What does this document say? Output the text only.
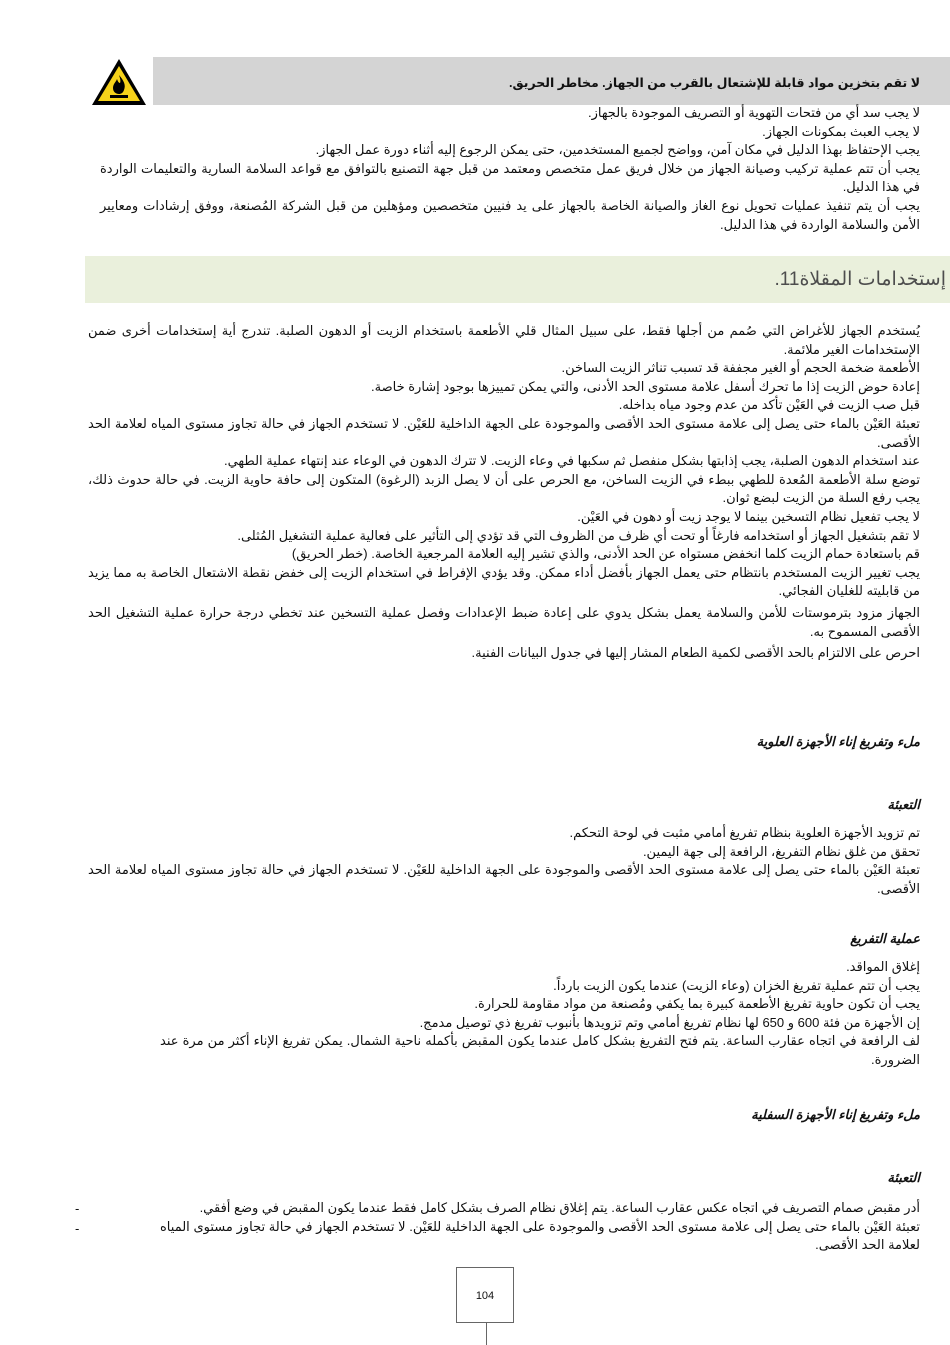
لا تقم بتخزين مواد قابلة للإشتعال بالقرب من الجهاز. مخاطر الحريق.

لا يجب سد أي من فتحات التهوية أو التصريف الموجودة بالجهاز.

لا يجب العبث بمكونات الجهاز.

يجب الإحتفاظ بهذا الدليل في مكان آمن، وواضح لجميع المستخدمين، حتى يمكن الرجوع إليه أثناء دورة عمل الجهاز.

يجب أن تتم عملية تركيب وصيانة الجهاز من خلال فريق عمل متخصص ومعتمد من قبل جهة التصنيع بالتوافق مع قواعد السلامة السارية والتعليمات الواردة في هذا الدليل.

يجب أن يتم تنفيذ عمليات تحويل نوع الغاز والصيانة الخاصة بالجهاز على يد فنيين متخصصين ومؤهلين من قبل الشركة المُصنعة، ووفق إرشادات ومعايير الأمن والسلامة الواردة في هذا الدليل.

إستخدامات المقلاة11.

يُستخدم الجهاز للأغراض التي صُمم من أجلها فقط، على سبيل المثال قلي الأطعمة باستخدام الزيت أو الدهون الصلبة. تندرج أية إستخدامات أخرى ضمن الإستخدامات الغير ملائمة.

الأطعمة ضخمة الحجم أو الغير مجففة قد تسبب تناثر الزيت الساخن.

إعادة حوض الزيت إذا ما تحرك أسفل علامة مستوى الحد الأدنى، والتي يمكن تمييزها بوجود إشارة خاصة.

قبل صب الزيت في العَيْن تأكد من عدم وجود مياه بداخله.

تعبئة العَيْن بالماء حتى يصل إلى علامة مستوى الحد الأقصى والموجودة على الجهة الداخلية للعَيْن. لا تستخدم الجهاز في حالة تجاوز مستوى المياه لعلامة الحد الأقصى.

عند استخدام الدهون الصلبة، يجب إذابتها بشكل منفصل ثم سكبها في وعاء الزيت. لا تترك الدهون في الوعاء عند إنتهاء عملية الطهي.

توضع سلة الأطعمة المُعدة للطهي ببطء في الزيت الساخن، مع الحرص على أن لا يصل الزبد (الرغوة) المتكون إلى حافة حاوية الزيت. في حالة حدوث ذلك، يجب رفع السلة من الزيت لبضع ثوان.

لا يجب تفعيل نظام التسخين بينما لا يوجد زيت أو دهون في العَيْن.

لا تقم بتشغيل الجهاز أو استخدامه فارغاً أو تحت أي ظرف من الظروف التي قد تؤدي إلى التأثير على فعالية عملية التشغيل المُثلى.

قم باستعادة حمام الزيت كلما انخفض مستواه عن الحد الأدنى، والذي تشير إليه العلامة المرجعية الخاصة. (خطر الحريق)

يجب تغيير الزيت المستخدم بانتظام حتى يعمل الجهاز بأفضل أداء ممكن. وقد يؤدي الإفراط في استخدام الزيت إلى خفض نقطة الاشتعال الخاصة به مما يزيد من قابليته للغليان الفجائي.

الجهاز مزود بترموستات للأمن والسلامة يعمل بشكل يدوي على إعادة ضبط الإعدادات وفصل عملية التسخين عند تخطي درجة حرارة عملية التشغيل الحد الأقصى المسموح به.

احرص على الالتزام بالحد الأقصى لكمية الطعام المشار إليها في جدول البيانات الفنية.

ملء وتفريغ إناء الأجهزة العلوية
التعبئة

تم تزويد الأجهزة العلوية بنظام تفريغ أمامي مثبت في لوحة التحكم.

تحقق من غلق نظام التفريغ، الرافعة إلى جهة اليمين.

تعبئة العَيْن بالماء حتى يصل إلى علامة مستوى الحد الأقصى والموجودة على الجهة الداخلية للعَيْن. لا تستخدم الجهاز في حالة تجاوز مستوى المياه لعلامة الحد الأقصى.

عملية التفريغ

إغلاق المواقد.

يجب أن تتم عملية تفريغ الخزان (وعاء الزيت) عندما يكون الزيت بارداً.

يجب أن تكون حاوية تفريغ الأطعمة كبيرة بما يكفي ومُصنعة من مواد مقاومة للحرارة.

إن الأجهزة من فئة 600 و 650 لها نظام تفريغ أمامي وتم تزويدها بأنبوب تفريغ ذي توصيل مدمج.

لف الرافعة في اتجاه عقارب الساعة. يتم فتح التفريغ بشكل كامل عندما يكون المقبض بأكمله ناحية الشمال. يمكن تفريغ الإناء أكثر من مرة عند الضرورة.

ملء وتفريغ إناء الأجهزة السفلية
التعبئة

أدر مقبض صمام التصريف في اتجاه عكس عقارب الساعة. يتم إغلاق نظام الصرف بشكل كامل فقط عندما يكون المقبض في وضع أفقي.

تعبئة العَيْن بالماء حتى يصل إلى علامة مستوى الحد الأقصى والموجودة على الجهة الداخلية للعَيْن. لا تستخدم الجهاز في حالة تجاوز مستوى المياه لعلامة الحد الأقصى.

-
-
104
